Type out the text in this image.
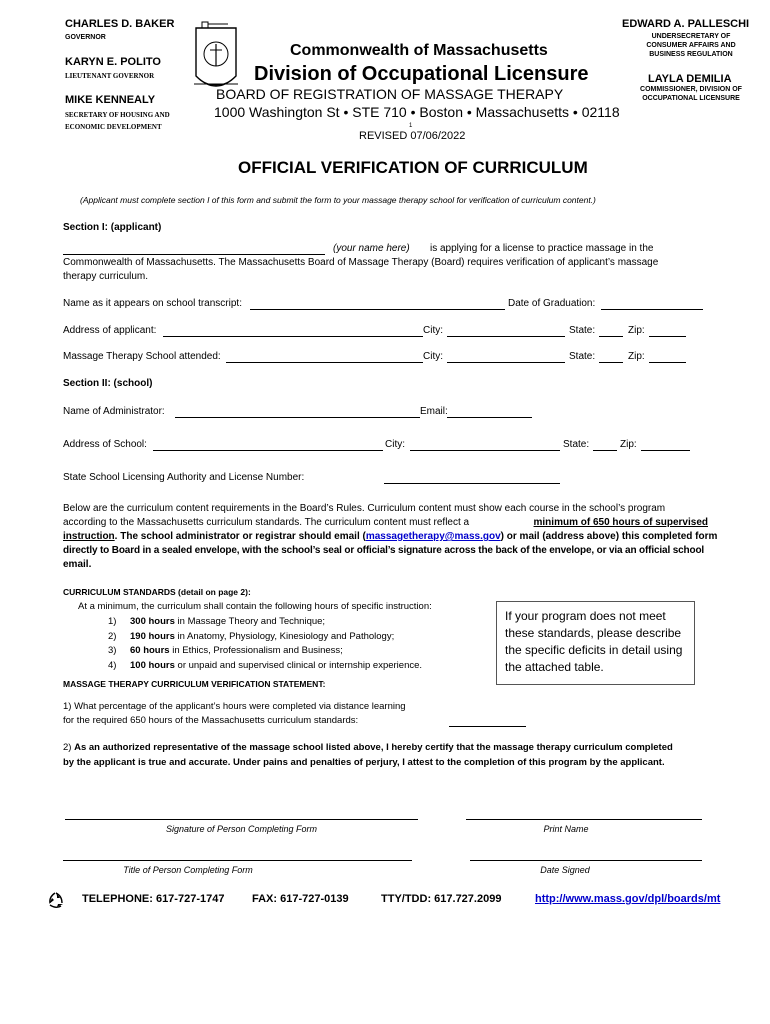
CHARLES D. BAKER
GOVERNOR
KARYN E. POLITO
LIEUTENANT GOVERNOR
MIKE KENNEALY
SECRETARY OF HOUSING AND
ECONOMIC DEVELOPMENT
Commonwealth of Massachusetts
Division of Occupational Licensure
BOARD OF REGISTRATION OF MASSAGE THERAPY
1000 Washington St • STE 710 • Boston • Massachusetts • 02118
1
REVISED 07/06/2022
EDWARD A. PALLESCHI
UNDERSECRETARY OF
CONSUMER AFFAIRS AND
BUSINESS REGULATION
LAYLA DEMILIA
COMMISSIONER, DIVISION OF
OCCUPATIONAL LICENSURE
OFFICIAL VERIFICATION OF CURRICULUM
(Applicant must complete section I of this form and submit the form to your massage therapy school for verification of curriculum content.)
Section I: (applicant)
(your name here) is applying for a license to practice massage in the
Commonwealth of Massachusetts. The Massachusetts Board of Massage Therapy (Board) requires verification of applicant’s massage
therapy curriculum.
Name as it appears on school transcript:	Date of Graduation:
Address of applicant:	City:	State:	Zip:
Massage Therapy School attended:	City:	State:	Zip:
Section II: (school)
Name of Administrator:	Email:
Address of School:	City:	State:	Zip:
State School Licensing Authority and License Number:
Below are the curriculum content requirements in the Board’s Rules. Curriculum content must show each course in the school’s program
according to the Massachusetts curriculum standards. The curriculum content must reflect a	minimum of 650 hours of supervised
instruction. The school administrator or registrar should email (massagetherapy@mass.gov) or mail (address above) this completed form
directly to Board in a sealed envelope, with the school’s seal or official’s signature across the back of the envelope, or via an official school
email.
CURRICULUM STANDARDS (detail on page 2):
At a minimum, the curriculum shall contain the following hours of specific instruction:
1) 300 hours in Massage Theory and Technique;
2) 190 hours in Anatomy, Physiology, Kinesiology and Pathology;
3) 60 hours in Ethics, Professionalism and Business;
4) 100 hours or unpaid and supervised clinical or internship experience.
If your program does not meet these standards, please describe the specific deficits in detail using the attached table.
MASSAGE THERAPY CURRICULUM VERIFICATION STATEMENT:
1) What percentage of the applicant’s hours were completed via distance learning
for the required 650 hours of the Massachusetts curriculum standards:
2) As an authorized representative of the massage school listed above, I hereby certify that the massage therapy curriculum completed
by the applicant is true and accurate. Under pains and penalties of perjury, I attest to the completion of this program by the applicant.
Signature of Person Completing Form	Print Name
Title of Person Completing Form	Date Signed
TELEPHONE: 617-727-1747	FAX: 617-727-0139	TTY/TDD: 617.727.2099	http://www.mass.gov/dpl/boards/mt
